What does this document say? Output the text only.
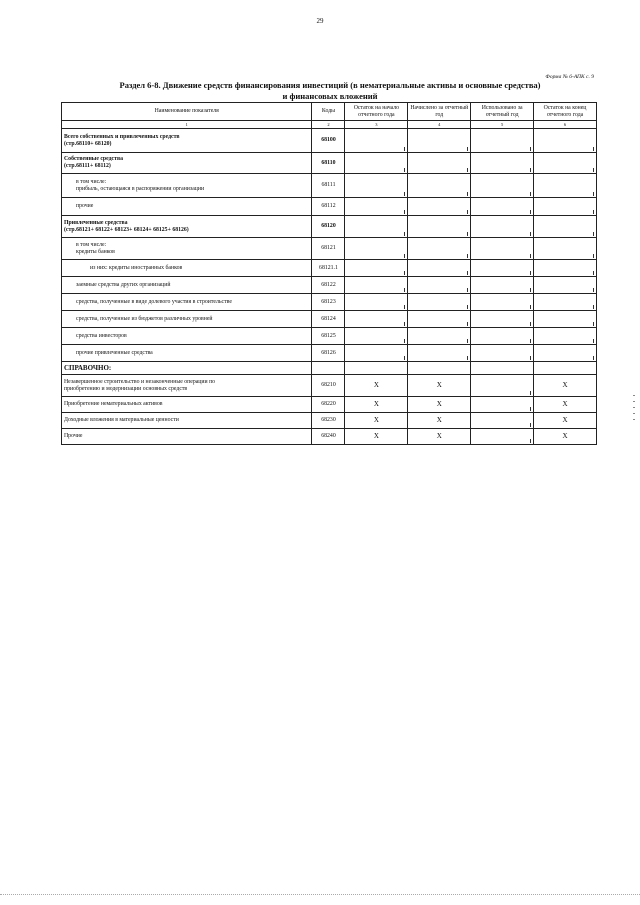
29
Форма № 6-АПК с. 9
Раздел 6-8. Движение средств финансирования инвестиций (в нематериальные активы и основные средства)
и финансовых вложений
Наименование показателя	Коды	Остаток на начало отчетного года	Начислено за отчетный год	Использовано за отчетный год	Остаток на конец отчетного года
1	2	3	4	5	6

Всего собственных и привлеченных средств
(стр.68110+ 68120)	68100				

Собственные средства
(стр.68111+ 68112)	68110				

в том числе:
прибыль, остающаяся в распоряжении организации	68111				
прочие	68112				

Привлеченные средства
(стр.68121+ 68122+ 68123+ 68124+ 68125+ 68126)	68120				

в том числе:
кредиты банков	68121				
из них: кредиты иностранных банков	68121.1				
заемные средства других организаций	68122				
средства, полученные в виде долевого участия в строительстве	68123				
средства, полученные из бюджетов различных уровней	68124				
средства инвесторов	68125				
прочие привлеченные средства	68126				
СПРАВОЧНО:					

Незавершенное строительство и незаконченные операции по
приобретению и модернизации основных средств	68210	X	X		X
Приобретение нематериальных активов	68220	X	X		X
Доходные вложения в материальные ценности	68230	X	X		X
Прочие	68240	X	X		X
